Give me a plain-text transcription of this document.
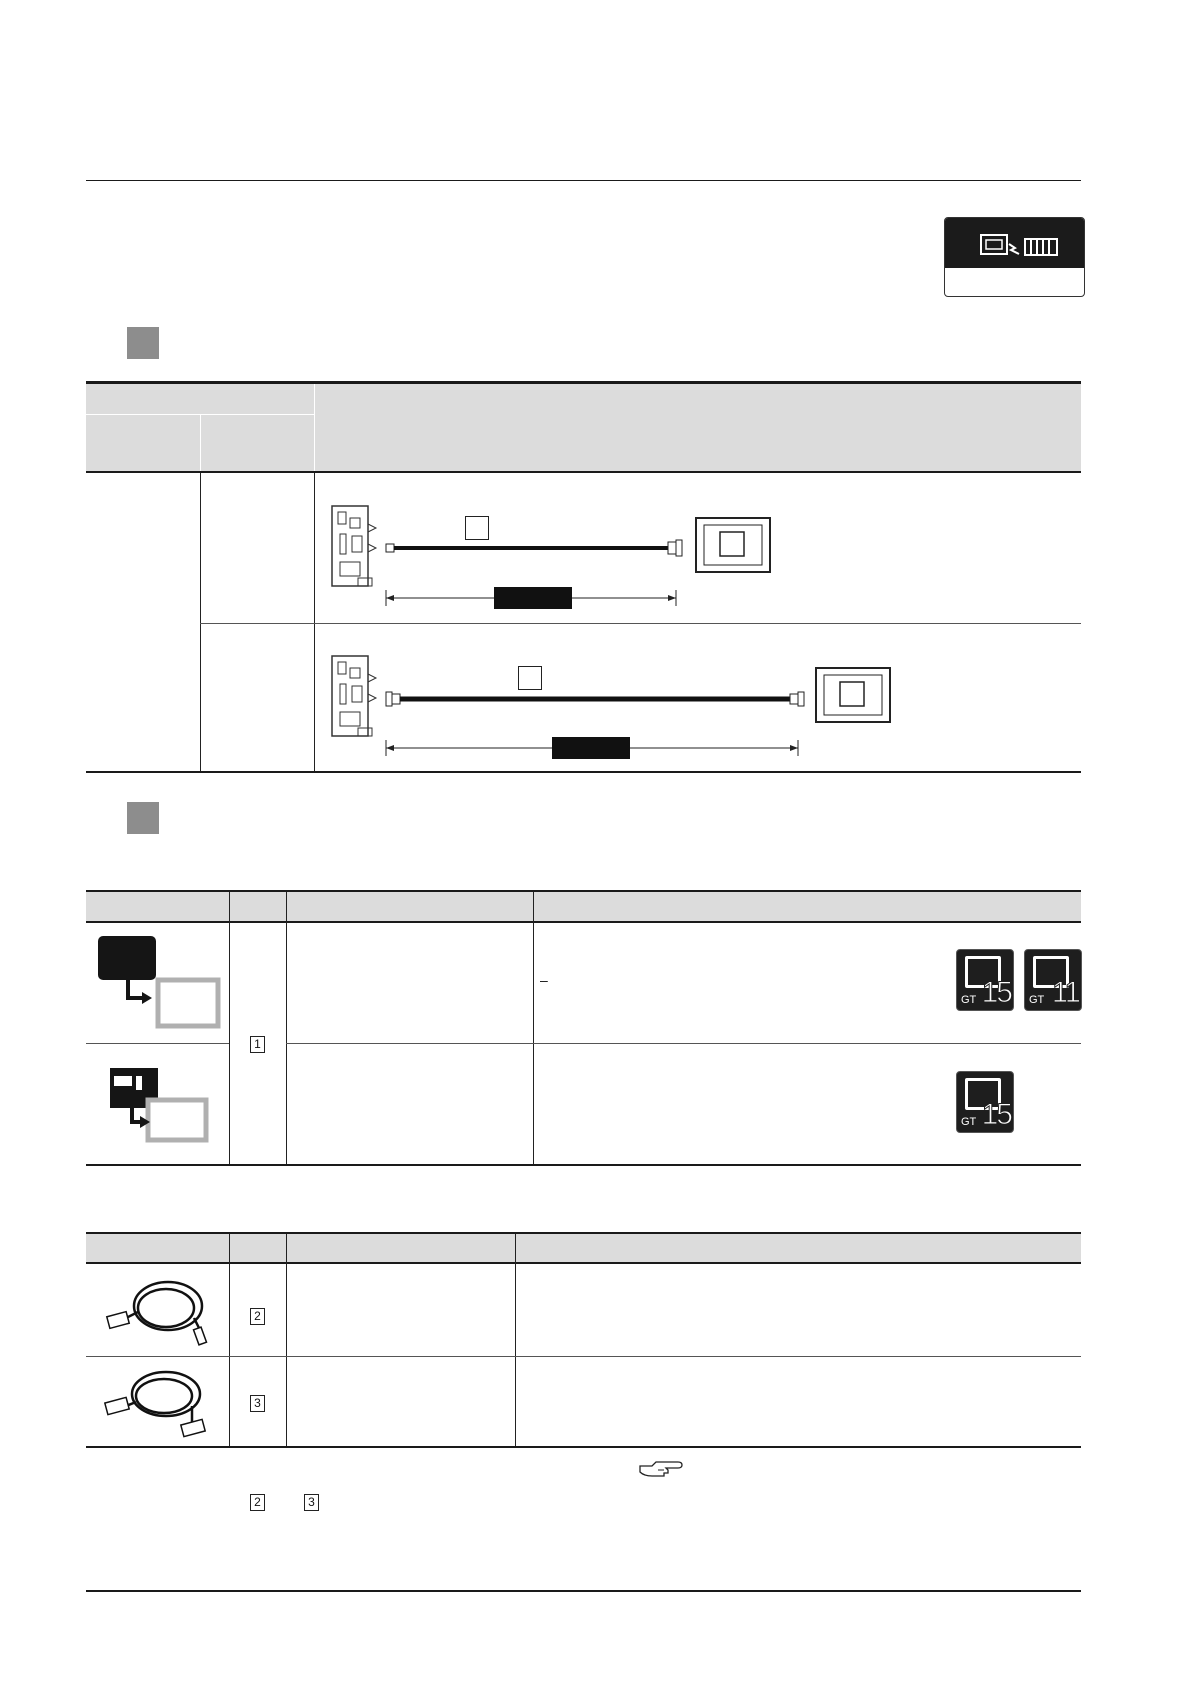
1
–
GT 15 GT 11
GT 15
2
3
2	3
